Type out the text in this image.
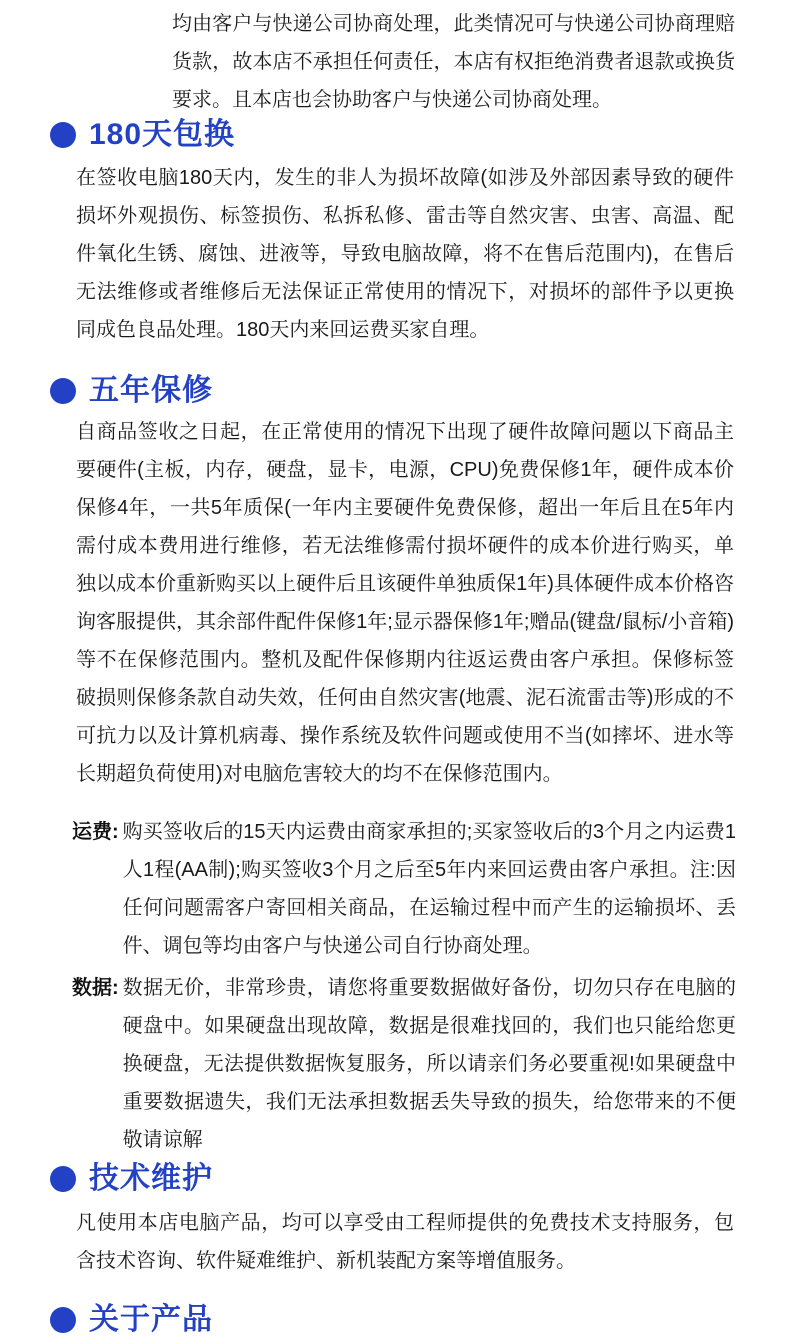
均由客户与快递公司协商处理，此类情况可与快递公司协商理赔货款，故本店不承担任何责任，本店有权拒绝消费者退款或换货要求。且本店也会协助客户与快递公司协商处理。

180天包换

在签收电脑180天内，发生的非人为损坏故障(如涉及外部因素导致的硬件损坏外观损伤、标签损伤、私拆私修、雷击等自然灾害、虫害、高温、配件氧化生锈、腐蚀、进液等，导致电脑故障，将不在售后范围内)，在售后无法维修或者维修后无法保证正常使用的情况下，对损坏的部件予以更换同成色良品处理。180天内来回运费买家自理。

五年保修

自商品签收之日起，在正常使用的情况下出现了硬件故障问题以下商品主要硬件(主板，内存，硬盘，显卡，电源，CPU)免费保修1年，硬件成本价保修4年，一共5年质保(一年内主要硬件免费保修，超出一年后且在5年内需付成本费用进行维修，若无法维修需付损坏硬件的成本价进行购买，单独以成本价重新购买以上硬件后且该硬件单独质保1年)具体硬件成本价格咨询客服提供，其余部件配件保修1年;显示器保修1年;赠品(键盘/鼠标/小音箱)等不在保修范围内。整机及配件保修期内往返运费由客户承担。保修标签破损则保修条款自动失效，任何由自然灾害(地震、泥石流雷击等)形成的不可抗力以及计算机病毒、操作系统及软件问题或使用不当(如摔坏、进水等长期超负荷使用)对电脑危害较大的均不在保修范围内。

运费: 购买签收后的15天内运费由商家承担的;买家签收后的3个月之内运费1人1程(AA制);购买签收3个月之后至5年内来回运费由客户承担。注:因任何问题需客户寄回相关商品，在运输过程中而产生的运输损坏、丢件、调包等均由客户与快递公司自行协商处理。
数据: 数据无价，非常珍贵，请您将重要数据做好备份，切勿只存在电脑的硬盘中。如果硬盘出现故障，数据是很难找回的，我们也只能给您更换硬盘，无法提供数据恢复服务，所以请亲们务必要重视!如果硬盘中重要数据遗失，我们无法承担数据丢失导致的损失，给您带来的不便敬请谅解
技术维护

凡使用本店电脑产品，均可以享受由工程师提供的免费技术支持服务，包含技术咨询、软件疑难维护、新机装配方案等增值服务。

关于产品
